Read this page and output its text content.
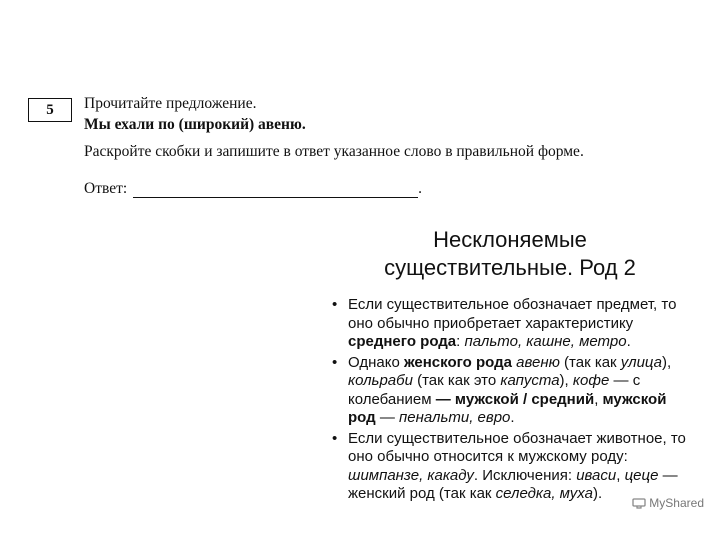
5	Прочитайте предложение.

Мы ехали по (широкий) авеню.

Раскройте скобки и запишите в ответ указанное слово в правильной форме.

Ответ:	.

Несклоняемые
существительные. Род 2
• Если существительное обозначает предмет, то оно обычно приобретает характеристику среднего рода: пальто, кашне, метро.
• Однако женского рода авеню (так как улица), кольраби (так как это капуста), кофе — с колебанием — мужской / средний, мужской род — пенальти, евро.
• Если существительное обозначает животное, то оно обычно относится к мужскому роду: шимпанзе, какаду. Исключения: иваси, цеце — женский род (так как селедка, муха).
MyShared
